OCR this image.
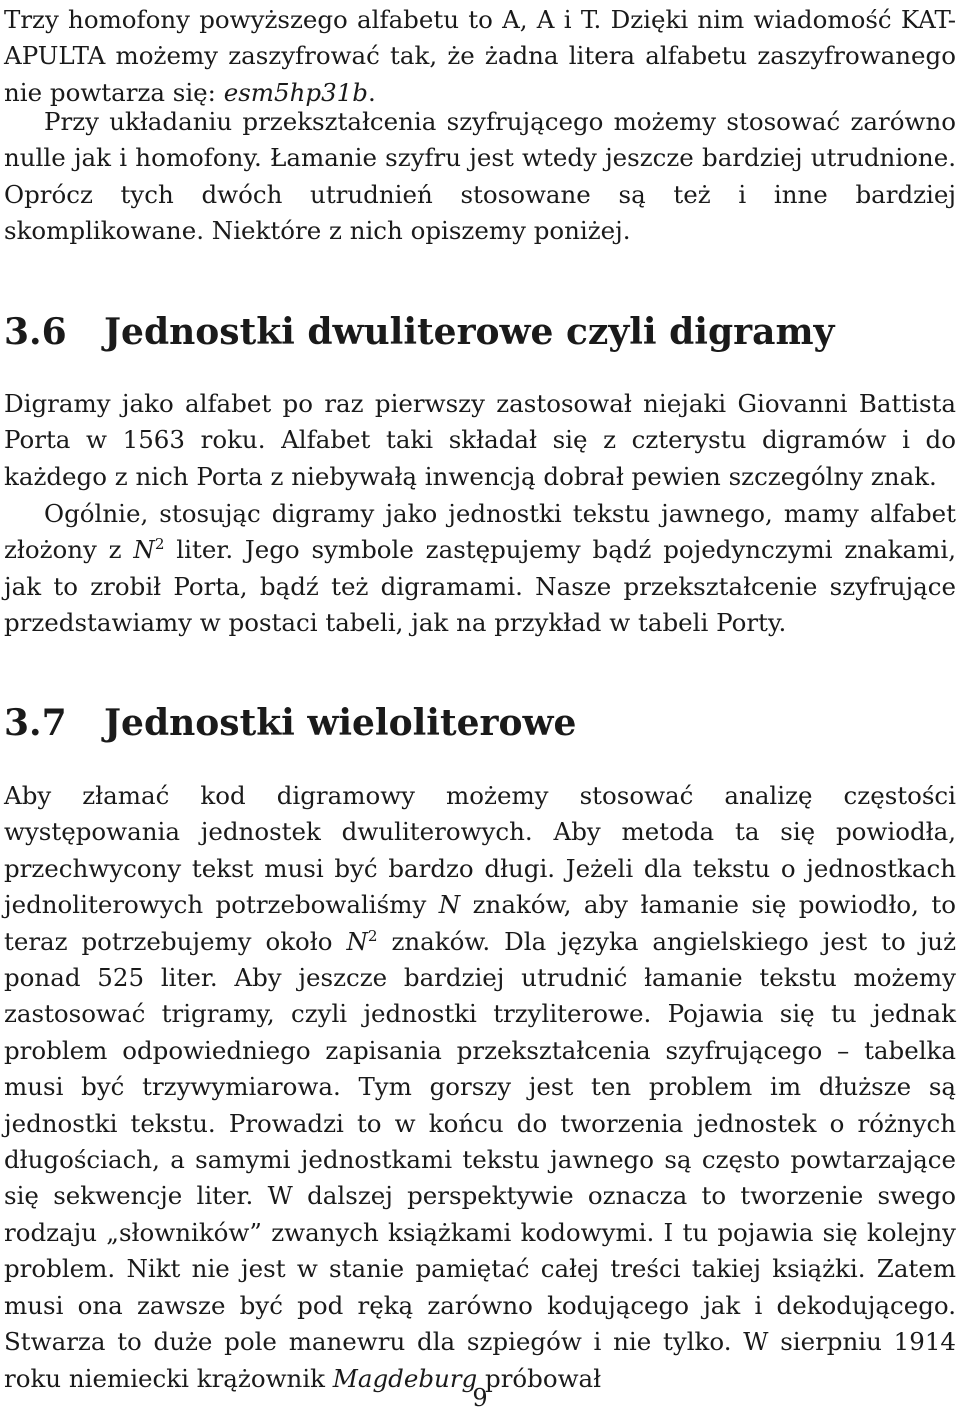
Trzy homofony powyższego alfabetu to A, A i T. Dzięki nim wiadomość KAT-APULTA możemy zaszyfrować tak, że żadna litera alfabetu zaszyfrowanego nie powtarza się: esm5hp31b.

Przy układaniu przekształcenia szyfrującego możemy stosować zarówno nulle jak i homofony. Łamanie szyfru jest wtedy jeszcze bardziej utrudnione. Oprócz tych dwóch utrudnień stosowane są też i inne bardziej skomplikowane. Niektóre z nich opiszemy poniżej.

3.6 Jednostki dwuliterowe czyli digramy

Digramy jako alfabet po raz pierwszy zastosował niejaki Giovanni Battista Porta w 1563 roku. Alfabet taki składał się z czterystu digramów i do każdego z nich Porta z niebywałą inwencją dobrał pewien szczególny znak.

Ogólnie, stosując digramy jako jednostki tekstu jawnego, mamy alfabet złożony z $N^2$ liter. Jego symbole zastępujemy bądź pojedynczymi znakami, jak to zrobił Porta, bądź też digramami. Nasze przekształcenie szyfrujące przedstawiamy w postaci tabeli, jak na przykład w tabeli Porty.

3.7 Jednostki wieloliterowe

Aby złamać kod digramowy możemy stosować analizę częstości występowania jednostek dwuliterowych. Aby metoda ta się powiodła, przechwycony tekst musi być bardzo długi. Jeżeli dla tekstu o jednostkach jednoliterowych potrzebowaliśmy N znaków, aby łamanie się powiodło, to teraz potrzebujemy około $N^2$ znaków. Dla języka angielskiego jest to już ponad 525 liter. Aby jeszcze bardziej utrudnić łamanie tekstu możemy zastosować trigramy, czyli jednostki trzyliterowe. Pojawia się tu jednak problem odpowiedniego zapisania przekształcenia szyfrującego – tabelka musi być trzywymiarowa. Tym gorszy jest ten problem im dłuższe są jednostki tekstu. Prowadzi to w końcu do tworzenia jednostek o różnych długościach, a samymi jednostkami tekstu jawnego są często powtarzające się sekwencje liter. W dalszej perspektywie oznacza to tworzenie swego rodzaju „słowników” zwanych książkami kodowymi. I tu pojawia się kolejny problem. Nikt nie jest w stanie pamiętać całej treści takiej książki. Zatem musi ona zawsze być pod ręką zarówno kodującego jak i dekodującego. Stwarza to duże pole manewru dla szpiegów i nie tylko. W sierpniu 1914 roku niemiecki krążownik Magdeburg próbował

9
